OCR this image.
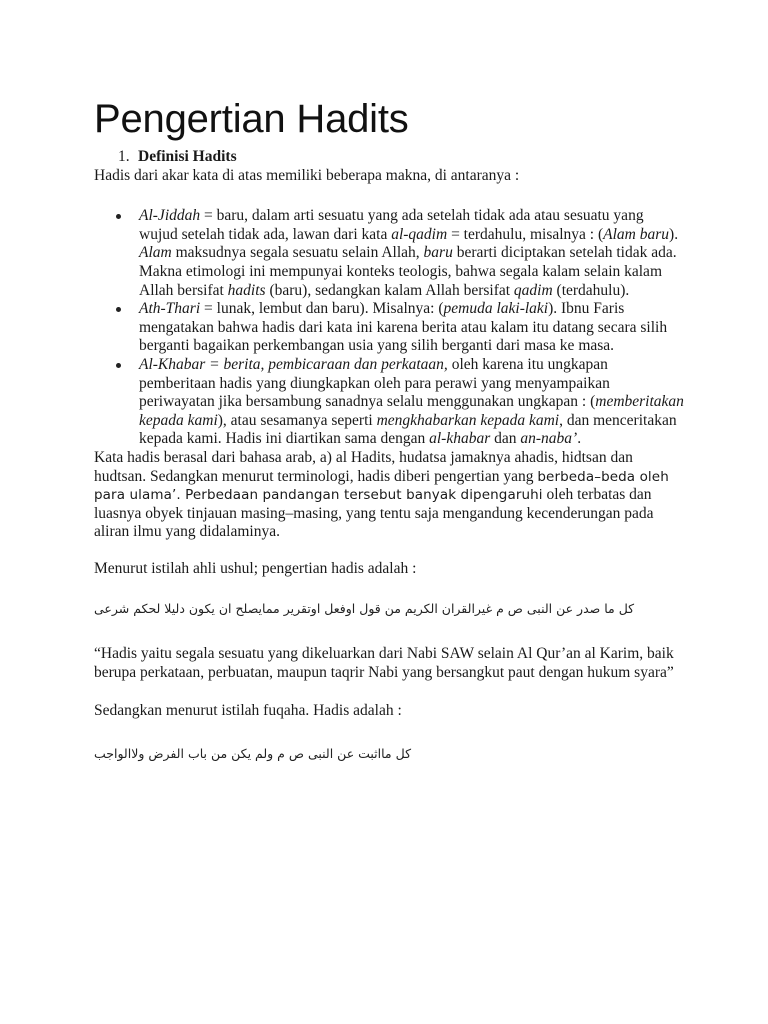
Pengertian Hadits

1. Definisi Hadits

Hadis dari akar kata di atas memiliki beberapa makna, di antaranya :

Al-Jiddah = baru, dalam arti sesuatu yang ada setelah tidak ada atau sesuatu yang wujud setelah tidak ada, lawan dari kata al-qadim = terdahulu, misalnya : (Alam baru). Alam maksudnya segala sesuatu selain Allah, baru berarti diciptakan setelah tidak ada. Makna etimologi ini mempunyai konteks teologis, bahwa segala kalam selain kalam Allah bersifat hadits (baru), sedangkan kalam Allah bersifat qadim (terdahulu).
Ath-Thari = lunak, lembut dan baru). Misalnya: (pemuda laki-laki). Ibnu Faris mengatakan bahwa hadis dari kata ini karena berita atau kalam itu datang secara silih berganti bagaikan perkembangan usia yang silih berganti dari masa ke masa.
Al-Khabar = berita, pembicaraan dan perkataan, oleh karena itu ungkapan pemberitaan hadis yang diungkapkan oleh para perawi yang menyampaikan periwayatan jika bersambung sanadnya selalu menggunakan ungkapan : (memberitakan kepada kami), atau sesamanya seperti mengkhabarkan kepada kami, dan menceritakan kepada kami. Hadis ini diartikan sama dengan al-khabar dan an-naba’.

Kata hadis berasal dari bahasa arab, a) al Hadits, hudatsa jamaknya ahadis, hidtsan dan hudtsan. Sedangkan menurut terminologi, hadis diberi pengertian yang berbeda–beda oleh para ulama’. Perbedaan pandangan tersebut banyak dipengaruhi oleh terbatas dan luasnya obyek tinjauan masing–masing, yang tentu saja mengandung kecenderungan pada aliran ilmu yang didalaminya.

Menurut istilah ahli ushul; pengertian hadis adalah :

كل ما صدر عن النبى ص م غيرالقران الكريم من قول اوفعل اوتقرير ممايصلح ان يكون دليلا لحكم شرعى

“Hadis yaitu segala sesuatu yang dikeluarkan dari Nabi SAW selain Al Qur’an al Karim, baik berupa perkataan, perbuatan, maupun taqrir Nabi yang bersangkut paut dengan hukum syara”

Sedangkan menurut istilah fuqaha. Hadis adalah :

كل مااثبت عن النبى ص م ولم يكن من باب الفرض ولاالواجب
